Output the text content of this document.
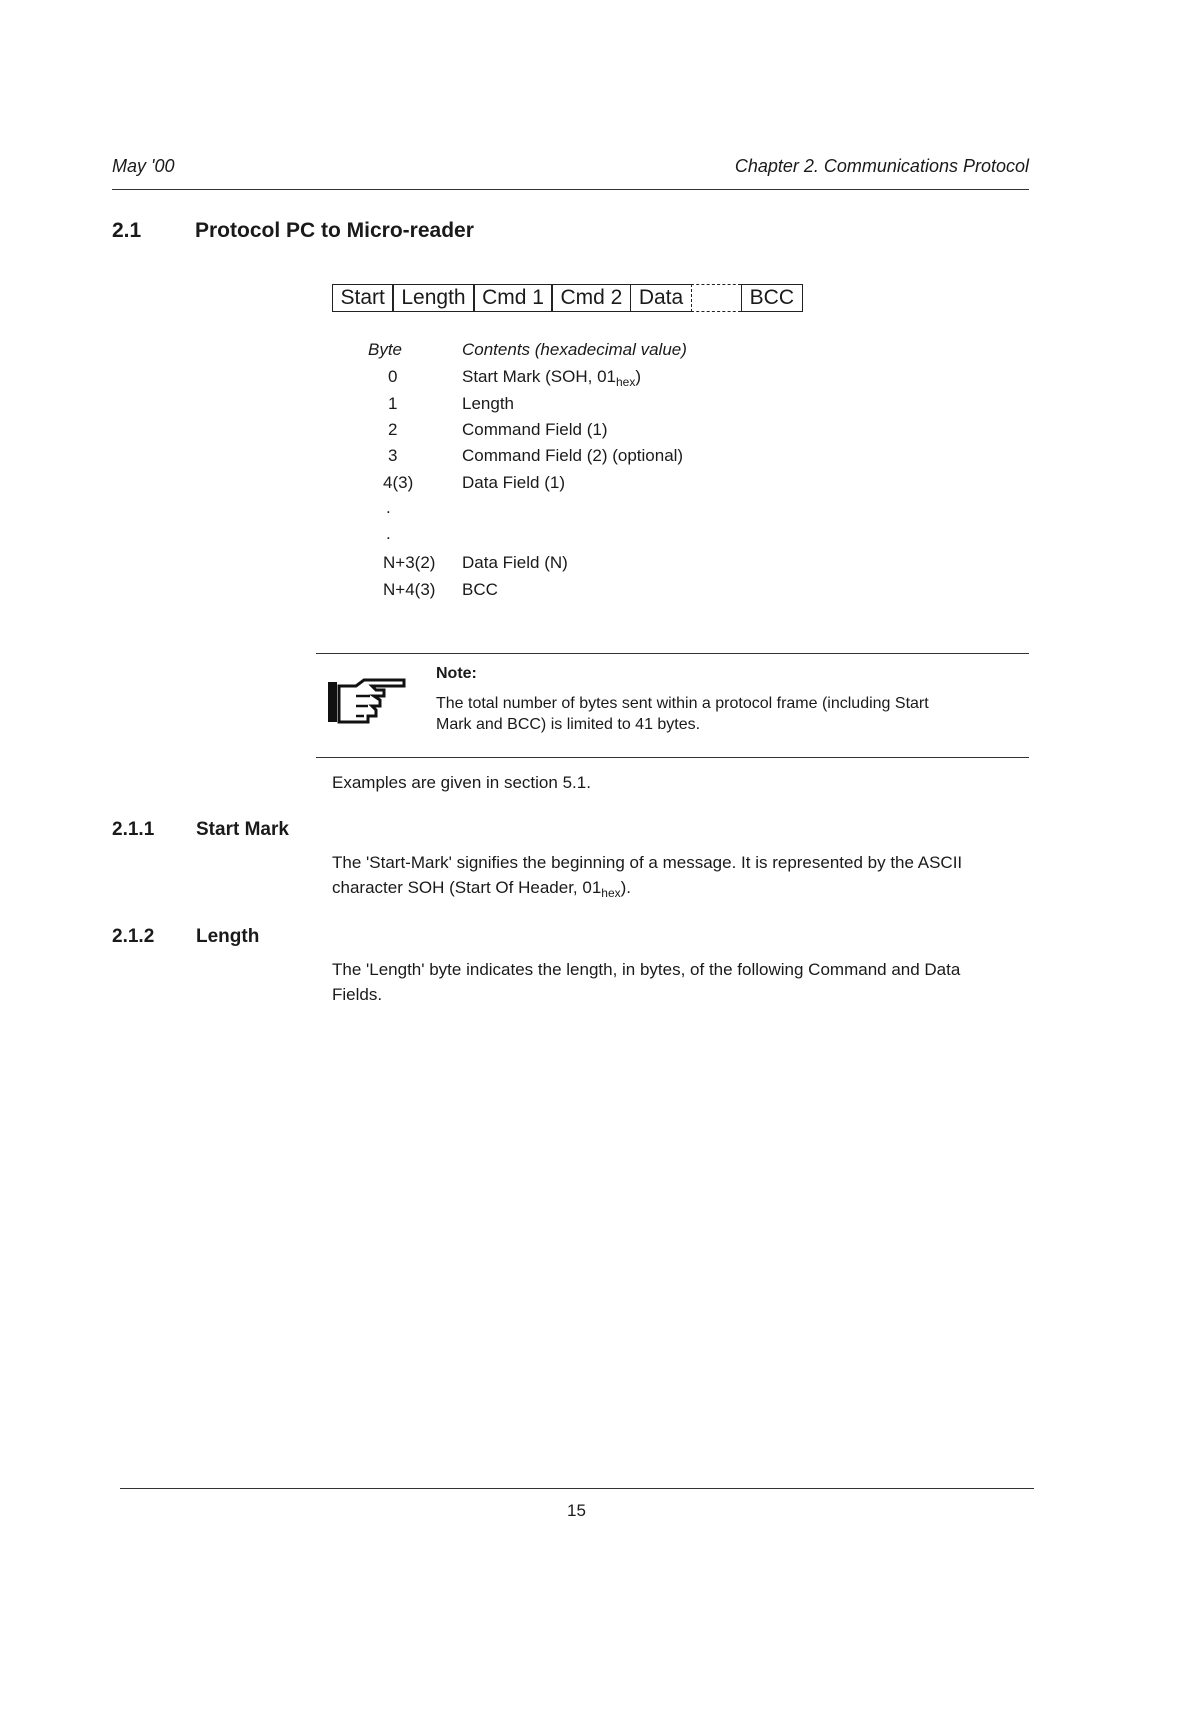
May '00	Chapter 2. Communications Protocol
2.1	Protocol PC to Micro-reader
Start Length Cmd 1 Cmd 2 Data	BCC
Byte	Contents (hexadecimal value)
0	Start Mark (SOH, $01_{hex}$)
1	Length
2	Command Field (1)
3	Command Field (2) (optional)
4(3)	Data Field (1)
.
.
N+3(2) Data Field (N)
N+4(3) BCC
Note:
The total number of bytes sent within a protocol frame (including Start
Mark and BCC) is limited to 41 bytes.
Examples are given in section 5.1.
2.1.1 Start Mark
The 'Start-Mark' signifies the beginning of a message. It is represented by the ASCII
character SOH (Start Of Header, $01_{hex}$).
2.1.2 Length
The 'Length' byte indicates the length, in bytes, of the following Command and Data
Fields.
15
